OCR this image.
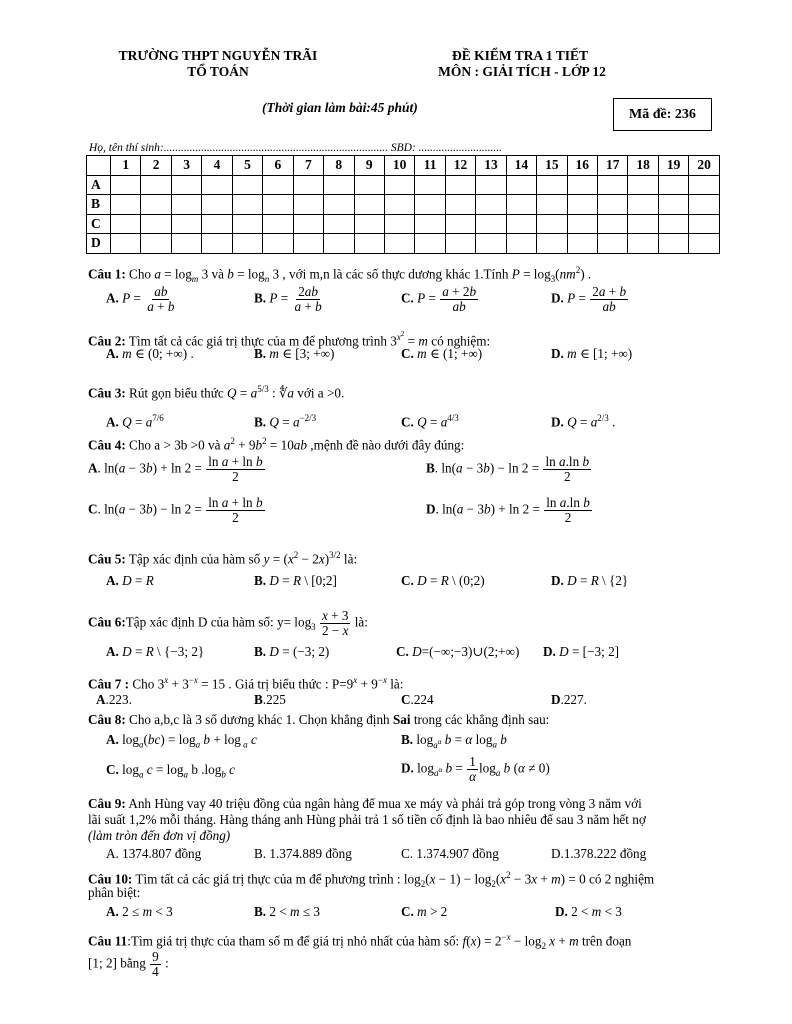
TRƯỜNG THPT NGUYỄN TRÃI
TỔ TOÁN
ĐỀ KIỂM TRA 1 TIẾT
MÔN : GIẢI TÍCH - LỚP 12
(Thời gian làm bài:45 phút)	Mã đề: 236
Họ, tên thí sinh:.............................................................................. SBD: .............................
	1	2	3	4	5	6	7	8	9	10	11	12	13	14	15	16	17	18	19	20
A																				
B																				
C																				
D																				
Câu 1: Cho $a = \log_m 3$ và $b = \log_n 3$ , với m,n là các số thực dương khác 1.Tính $P = \log_3(nm^2)$ .
A. $P = \frac{ab}{a + b}$	B. $P = \frac{2ab}{a + b}$	C. $P = \frac{a + 2b}{ab}$	D. $P = \frac{2a + b}{ab}$
Câu 2: Tìm tất cả các giá trị thực của m để phương trình $3^{x^2} = m$ có nghiệm:
A. m ∈ (0; +∞) .	B. m ∈ [3; +∞)	C. m ∈ (1; +∞)	D. m ∈ [1; +∞)
Câu 3: Rút gọn biểu thức $Q = a^{5/3}$ : ∜a với a >0.
A. $Q = a^{7/6}$	B. $Q = a^{-2/3}$	C. $Q = a^{4/3}$	D. $Q = a^{2/3}$ .
Câu 4: Cho a > 3b >0 và $a^2 + 9b^2 = 10ab$ ,mệnh đề nào dưới đây đúng:
A. $\ln(a - 3b) + \ln 2 = \frac{\text{ln a + ln b}}{2}$	B. $\ln(a - 3b) - \ln 2 = \frac{\text{ln a.ln b}}{2}$
C. $\ln(a - 3b) - \ln 2 = \frac{\text{ln a + ln b}}{2}$	D. $\ln(a - 3b) + \ln 2 = \frac{\text{ln a.ln b}}{2}$
Câu 5: Tập xác định của hàm số $y = (x^2 - 2x)^{3/2}$ là:
A. D = R	B. D = R \ [0;2]	C. D = R \ (0;2)	D. D = R \ {2}
Câu 6:Tập xác định D của hàm số: $y= \log_3 \frac{x + 3}{2 - x}$ là:
A. D = R \ {−3; 2}	B. D = (−3; 2)	C. D=(−∞;−3)∪(2;+∞) D. D = [−3; 2]
Câu 7 : Cho $3^x + 3^{-x} = 15$ . Giá trị biểu thức : $P=9^x + 9^{-x}$ là:
A.223.	B.225	C.224	D.227.
Câu 8: Cho a,b,c là 3 số dương khác 1. Chọn khẳng định Sai trong các khẳng định sau:
A. $\log_a(bc) = \log_a b + \log _a$ c	B. $\log_{a^\alpha} b = \alpha$ $\log_a b$
C. $\log_a c = \log_a b$ $.\log_b$ c	D. $\log_{a^\alpha} b = \frac{1}{\alpha} \log_a b$ (α ≠ 0)
Câu 9: Anh Hùng vay 40 triệu đồng của ngân hàng để mua xe máy và phải trả góp trong vòng 3 năm với
lãi suất 1,2% mỗi tháng. Hàng tháng anh Hùng phải trả 1 số tiền cố định là bao nhiêu để sau 3 năm hết nợ
(làm tròn đến đơn vị đồng)
A. 1374.807 đồng	B. 1.374.889 đồng	C. 1.374.907 đồng	D.1.378.222 đồng
Câu 10: Tìm tất cả các giá trị thực của m để phương trình : $\log_2(x - 1) - \log_2(x^2 - 3x + m) = 0$ có 2 nghiệm
phân biệt:
A. 2 ≤ m < 3	B. 2 < m ≤ 3	C. m > 2	D. 2 < m < 3
Câu 11:Tìm giá trị thực của tham số m để giá trị nhỏ nhất của hàm số: $f(x) = 2^{-x} - \log_2 x + m$ trên đoạn
[1; 2] bằng $\frac{9}{4}$ :
